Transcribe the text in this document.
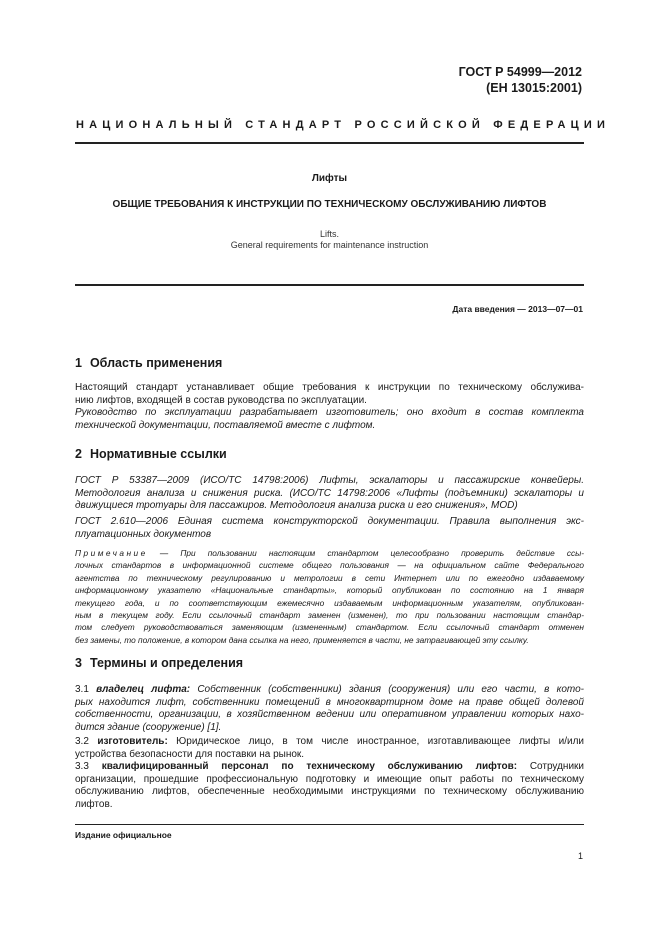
ГОСТ Р 54999—2012
(ЕН 13015:2001)
НАЦИОНАЛЬНЫЙ СТАНДАРТ РОССИЙСКОЙ ФЕДЕРАЦИИ
Лифты
ОБЩИЕ ТРЕБОВАНИЯ К ИНСТРУКЦИИ ПО ТЕХНИЧЕСКОМУ ОБСЛУЖИВАНИЮ ЛИФТОВ
Lifts.
General requirements for maintenance instruction
Дата введения — 2013—07—01
1 Область применения

Настоящий стандарт устанавливает общие требования к инструкции по техническому обслужива-
нию лифтов, входящей в состав руководства по эксплуатации.

Руководство по эксплуатации разрабатывает изготовитель; оно входит в состав комплекта
технической документации, поставляемой вместе с лифтом.

2 Нормативные ссылки

ГОСТ Р 53387—2009 (ИСО/ТС 14798:2006) Лифты, эскалаторы и пассажирские конвейеры.
Методология анализа и снижения риска. (ИСО/ТС 14798:2006 «Лифты (подъемники) эскалаторы и
движущиеся тротуары для пассажиров. Методология анализа риска и его снижения», MOD)

ГОСТ 2.610—2006 Единая система конструкторской документации. Правила выполнения экс-
плуатационных документов

Примечание — При пользовании настоящим стандартом целесообразно проверить действие ссы-
лочных стандартов в информационной системе общего пользования — на официальном сайте Федерального
агентства по техническому регулированию и метрологии в сети Интернет или по ежегодно издаваемому
информационному указателю «Национальные стандарты», который опубликован по состоянию на 1 января
текущего года, и по соответствующим ежемесячно издаваемым информационным указателям, опубликован-
ным в текущем году. Если ссылочный стандарт заменен (изменен), то при пользовании настоящим стандар-
том следует руководствоваться заменяющим (измененным) стандартом. Если ссылочный стандарт отменен
без замены, то положение, в котором дана ссылка на него, применяется в части, не затрагивающей эту ссылку.

3 Термины и определения

3.1 владелец лифта: Собственник (собственники) здания (сооружения) или его части, в кото-
рых находится лифт, собственники помещений в многоквартирном доме на праве общей долевой
собственности, организации, в хозяйственном ведении или оперативном управлении которых нахо-
дится здание (сооружение) [1].

3.2 изготовитель: Юридическое лицо, в том числе иностранное, изготавливающее лифты и/или
устройства безопасности для поставки на рынок.

3.3 квалифицированный персонал по техническому обслуживанию лифтов: Сотрудники
организации, прошедшие профессиональную подготовку и имеющие опыт работы по техническому
обслуживанию лифтов, обеспеченные необходимыми инструкциями по техническому обслуживанию
лифтов.

Издание официальное
1
